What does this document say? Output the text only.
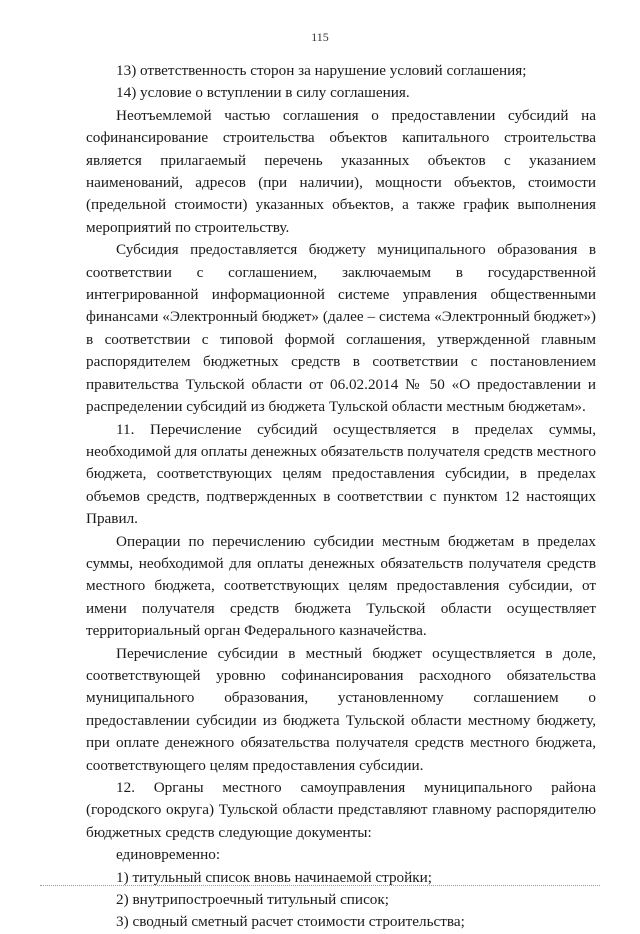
115

13) ответственность сторон за нарушение условий соглашения;

14) условие о вступлении в силу соглашения.

Неотъемлемой частью соглашения о предоставлении субсидий на софинансирование строительства объектов капитального строительства является прилагаемый перечень указанных объектов с указанием наименований, адресов (при наличии), мощности объектов, стоимости (предельной стоимости) указанных объектов, а также график выполнения мероприятий по строительству.

Субсидия предоставляется бюджету муниципального образования в соответствии с соглашением, заключаемым в государственной интегрированной информационной системе управления общественными финансами «Электронный бюджет» (далее – система «Электронный бюджет») в соответствии с типовой формой соглашения, утвержденной главным распорядителем бюджетных средств в соответствии с постановлением правительства Тульской области от 06.02.2014 № 50 «О предоставлении и распределении субсидий из бюджета Тульской области местным бюджетам».

11. Перечисление субсидий осуществляется в пределах суммы, необходимой для оплаты денежных обязательств получателя средств местного бюджета, соответствующих целям предоставления субсидии, в пределах объемов средств, подтвержденных в соответствии с пунктом 12 настоящих Правил.

Операции по перечислению субсидии местным бюджетам в пределах суммы, необходимой для оплаты денежных обязательств получателя средств местного бюджета, соответствующих целям предоставления субсидии, от имени получателя средств бюджета Тульской области осуществляет территориальный орган Федерального казначейства.

Перечисление субсидии в местный бюджет осуществляется в доле, соответствующей уровню софинансирования расходного обязательства муниципального образования, установленному соглашением о предоставлении субсидии из бюджета Тульской области местному бюджету, при оплате денежного обязательства получателя средств местного бюджета, соответствующего целям предоставления субсидии.

12. Органы местного самоуправления муниципального района (городского округа) Тульской области представляют главному распорядителю бюджетных средств следующие документы:

единовременно:

1) титульный список вновь начинаемой стройки;

2) внутрипостроечный титульный список;

3) сводный сметный расчет стоимости строительства;
